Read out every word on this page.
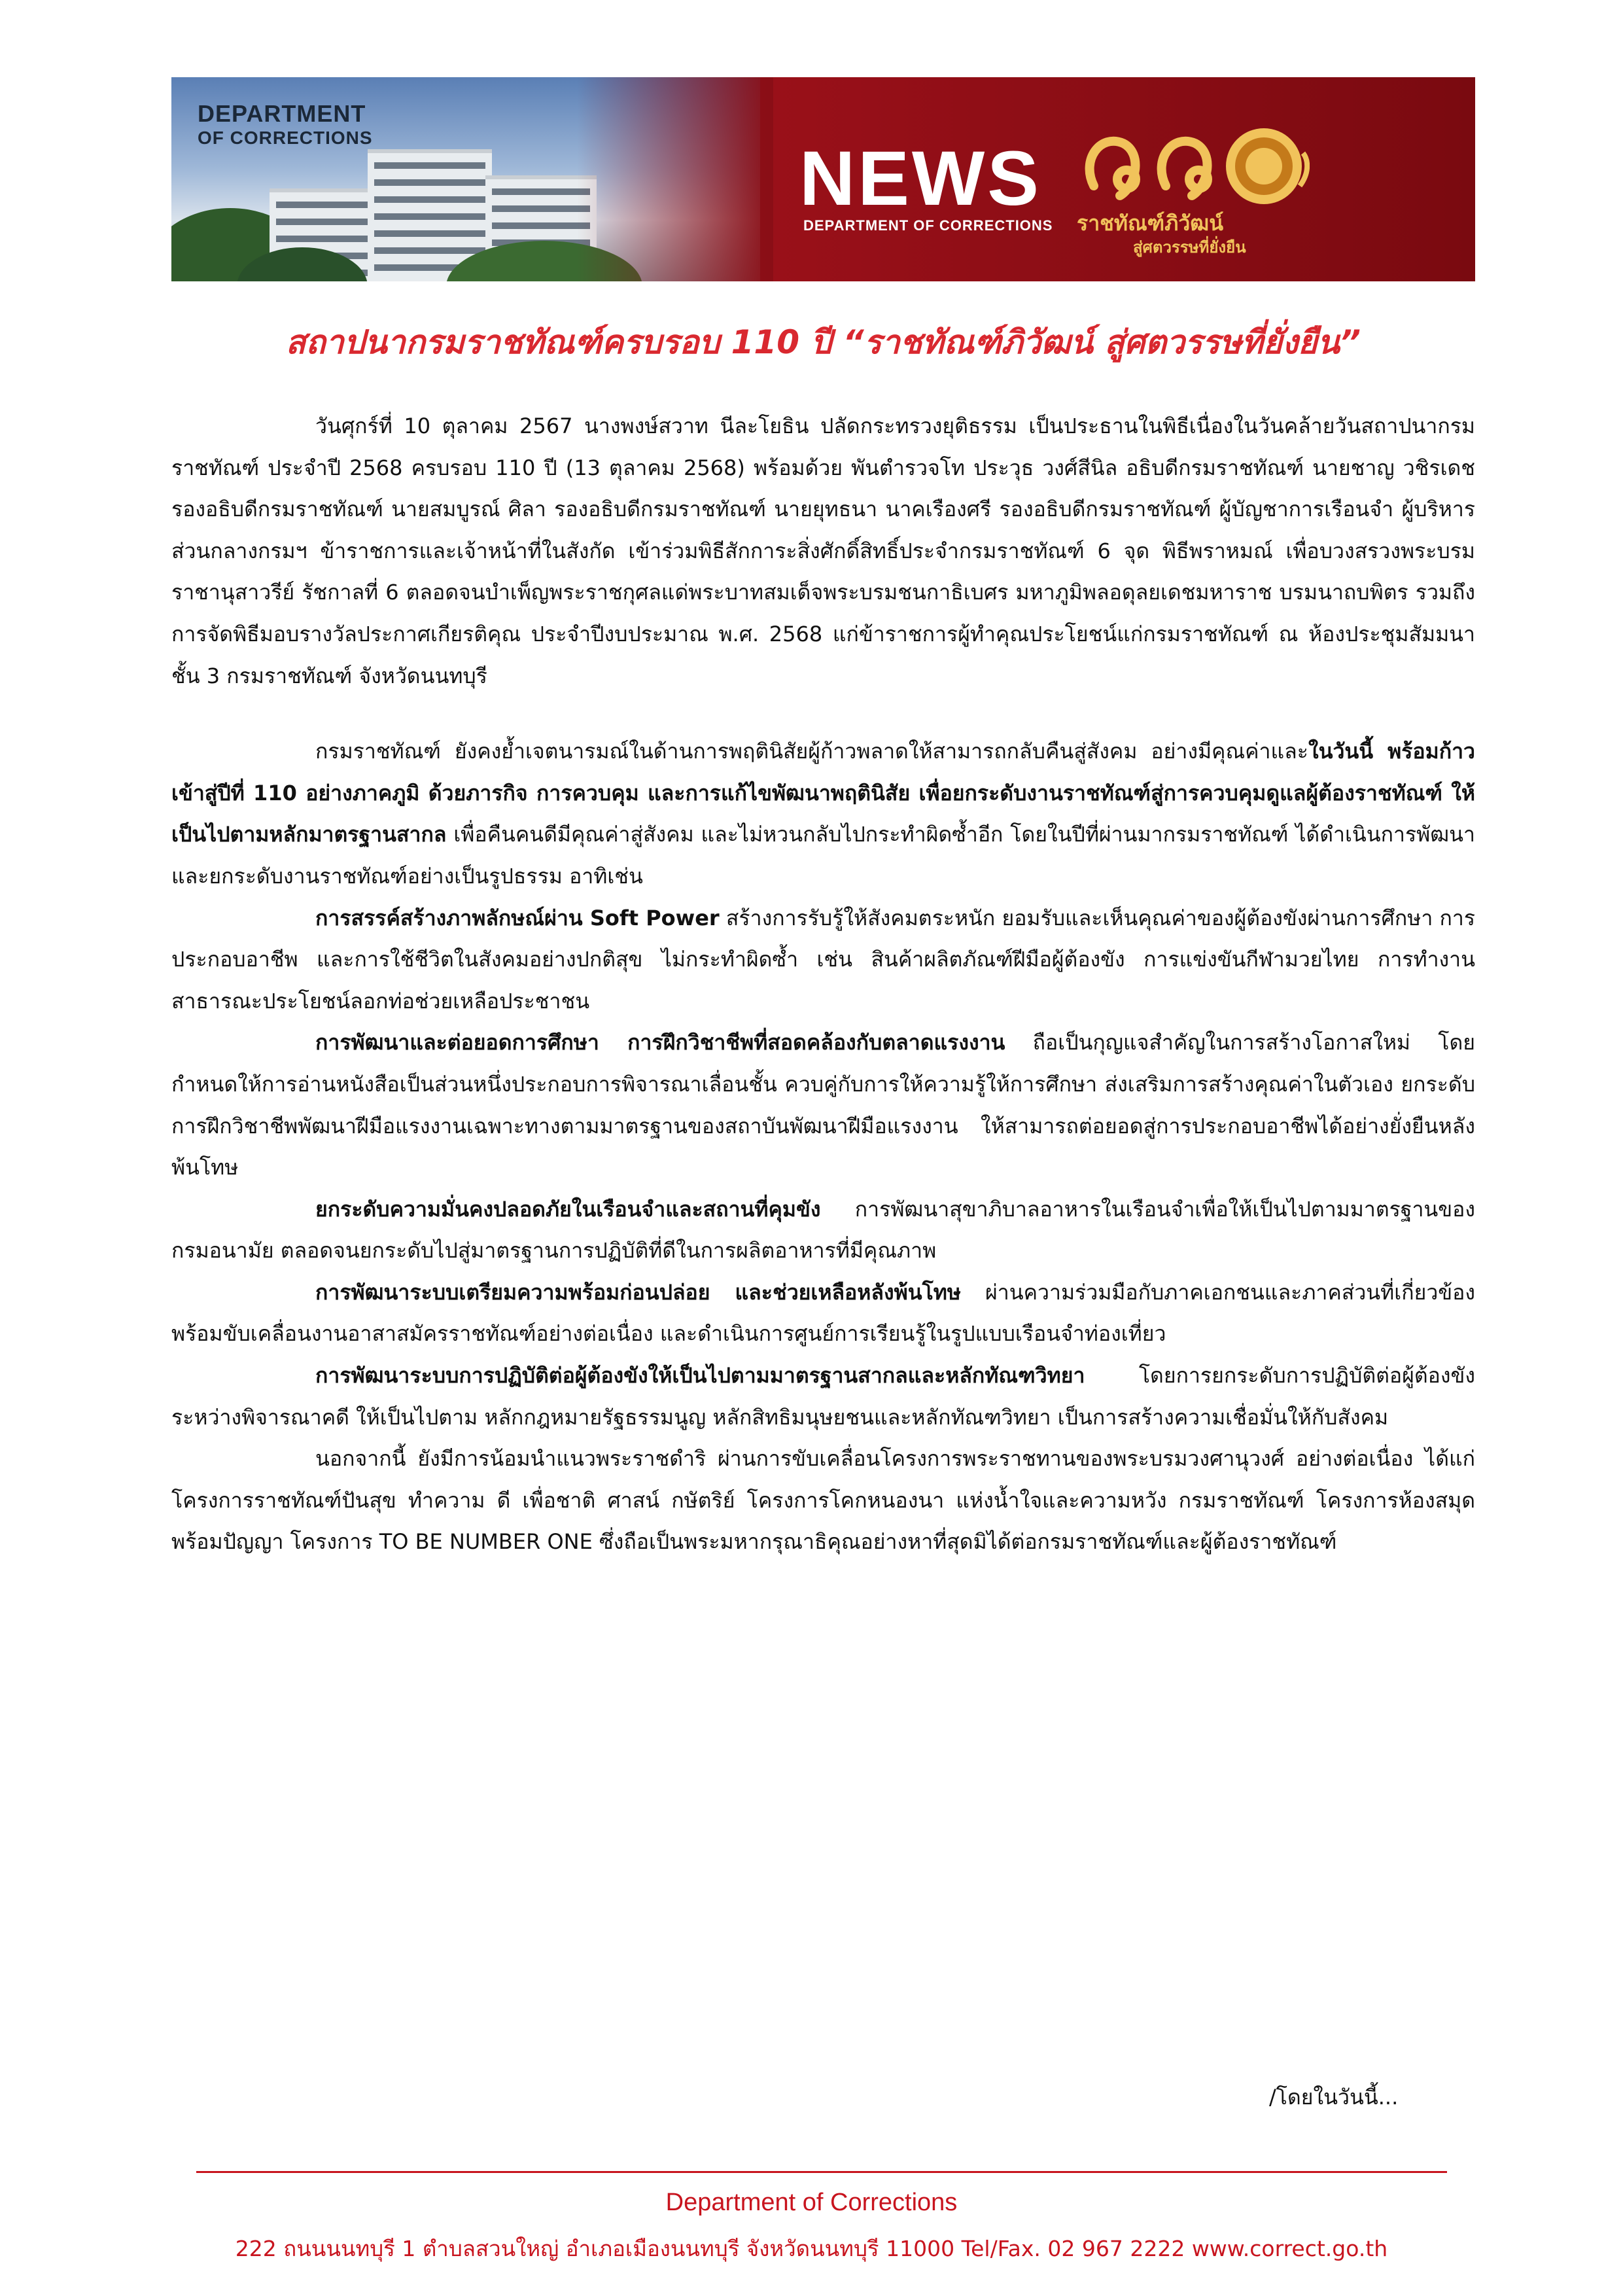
DEPARTMENT
OF CORRECTIONS	NEWS
DEPARTMENT OF CORRECTIONS ราชทัณฑ์ภิวัฒน์
สู่ศตวรรษที่ยั่งยืน
สถาปนากรมราชทัณฑ์ครบรอบ 110 ปี “ราชทัณฑ์ภิวัฒน์ สู่ศตวรรษที่ยั่งยืน”

วันศุกร์ที่ 10 ตุลาคม 2567 นางพงษ์สวาท นีละโยธิน ปลัดกระทรวงยุติธรรม เป็นประธานในพิธีเนื่องในวันคล้ายวันสถาปนากรมราชทัณฑ์ ประจำปี 2568 ครบรอบ 110 ปี (13 ตุลาคม 2568) พร้อมด้วย พันตำรวจโท ประวุธ วงศ์สีนิล อธิบดีกรมราชทัณฑ์ นายชาญ วชิรเดช รองอธิบดีกรมราชทัณฑ์ นายสมบูรณ์ ศิลา รองอธิบดีกรมราชทัณฑ์ นายยุทธนา นาคเรืองศรี รองอธิบดีกรมราชทัณฑ์ ผู้บัญชาการเรือนจำ ผู้บริหารส่วนกลางกรมฯ ข้าราชการและเจ้าหน้าที่ในสังกัด เข้าร่วมพิธีสักการะสิ่งศักดิ์สิทธิ์ประจำกรมราชทัณฑ์ 6 จุด พิธีพราหมณ์ เพื่อบวงสรวงพระบรมราชานุสาวรีย์ รัชกาลที่ 6 ตลอดจนบำเพ็ญพระราชกุศลแด่พระบาทสมเด็จพระบรมชนกาธิเบศร มหาภูมิพลอดุลยเดชมหาราช บรมนาถบพิตร รวมถึงการจัดพิธีมอบรางวัลประกาศเกียรติคุณ ประจำปีงบประมาณ พ.ศ. 2568 แก่ข้าราชการผู้ทำคุณประโยชน์แก่กรมราชทัณฑ์ ณ ห้องประชุมสัมมนาชั้น 3 กรมราชทัณฑ์ จังหวัดนนทบุรี

กรมราชทัณฑ์ ยังคงย้ำเจตนารมณ์ในด้านการพฤตินิสัยผู้ก้าวพลาดให้สามารถกลับคืนสู่สังคม อย่างมีคุณค่าและในวันนี้ พร้อมก้าวเข้าสู่ปีที่ 110 อย่างภาคภูมิ ด้วยภารกิจ การควบคุม และการแก้ไขพัฒนาพฤตินิสัย เพื่อยกระดับงานราชทัณฑ์สู่การควบคุมดูแลผู้ต้องราชทัณฑ์ ให้เป็นไปตามหลักมาตรฐานสากล เพื่อคืนคนดีมีคุณค่าสู่สังคม และไม่หวนกลับไปกระทำผิดซ้ำอีก โดยในปีที่ผ่านมากรมราชทัณฑ์ ได้ดำเนินการพัฒนาและยกระดับงานราชทัณฑ์อย่างเป็นรูปธรรม อาทิเช่น

การสรรค์สร้างภาพลักษณ์ผ่าน Soft Power สร้างการรับรู้ให้สังคมตระหนัก ยอมรับและเห็นคุณค่าของผู้ต้องขังผ่านการศึกษา การประกอบอาชีพ และการใช้ชีวิตในสังคมอย่างปกติสุข ไม่กระทำผิดซ้ำ เช่น สินค้าผลิตภัณฑ์ฝีมือผู้ต้องขัง การแข่งขันกีฬามวยไทย การทำงานสาธารณะประโยชน์ลอกท่อช่วยเหลือประชาชน

การพัฒนาและต่อยอดการศึกษา การฝึกวิชาชีพที่สอดคล้องกับตลาดแรงงาน ถือเป็นกุญแจสำคัญในการสร้างโอกาสใหม่ โดยกำหนดให้การอ่านหนังสือเป็นส่วนหนึ่งประกอบการพิจารณาเลื่อนชั้น ควบคู่กับการให้ความรู้ให้การศึกษา ส่งเสริมการสร้างคุณค่าในตัวเอง ยกระดับการฝึกวิชาชีพพัฒนาฝีมือแรงงานเฉพาะทางตามมาตรฐานของสถาบันพัฒนาฝีมือแรงงาน ให้สามารถต่อยอดสู่การประกอบอาชีพได้อย่างยั่งยืนหลังพ้นโทษ

ยกระดับความมั่นคงปลอดภัยในเรือนจำและสถานที่คุมขัง การพัฒนาสุขาภิบาลอาหารในเรือนจำเพื่อให้เป็นไปตามมาตรฐานของกรมอนามัย ตลอดจนยกระดับไปสู่มาตรฐานการปฏิบัติที่ดีในการผลิตอาหารที่มีคุณภาพ

การพัฒนาระบบเตรียมความพร้อมก่อนปล่อย และช่วยเหลือหลังพ้นโทษ ผ่านความร่วมมือกับภาคเอกชนและภาคส่วนที่เกี่ยวข้อง พร้อมขับเคลื่อนงานอาสาสมัครราชทัณฑ์อย่างต่อเนื่อง และดำเนินการศูนย์การเรียนรู้ในรูปแบบเรือนจำท่องเที่ยว

การพัฒนาระบบการปฏิบัติต่อผู้ต้องขังให้เป็นไปตามมาตรฐานสากลและหลักทัณฑวิทยา โดยการยกระดับการปฏิบัติต่อผู้ต้องขังระหว่างพิจารณาคดี ให้เป็นไปตาม หลักกฎหมายรัฐธรรมนูญ หลักสิทธิมนุษยชนและหลักทัณฑวิทยา เป็นการสร้างความเชื่อมั่นให้กับสังคม

นอกจากนี้ ยังมีการน้อมนำแนวพระราชดำริ ผ่านการขับเคลื่อนโครงการพระราชทานของพระบรมวงศานุวงศ์ อย่างต่อเนื่อง ได้แก่ โครงการราชทัณฑ์ปันสุข ทำความ ดี เพื่อชาติ ศาสน์ กษัตริย์ โครงการโคกหนองนา แห่งน้ำใจและความหวัง กรมราชทัณฑ์ โครงการห้องสมุดพร้อมปัญญา โครงการ TO BE NUMBER ONE ซึ่งถือเป็นพระมหากรุณาธิคุณอย่างหาที่สุดมิได้ต่อกรมราชทัณฑ์และผู้ต้องราชทัณฑ์

/โดยในวันนี้...
Department of Corrections
222 ถนนนนทบุรี 1 ตำบลสวนใหญ่ อำเภอเมืองนนทบุรี จังหวัดนนทบุรี 11000 Tel/Fax. 02 967 2222 www.correct.go.th
